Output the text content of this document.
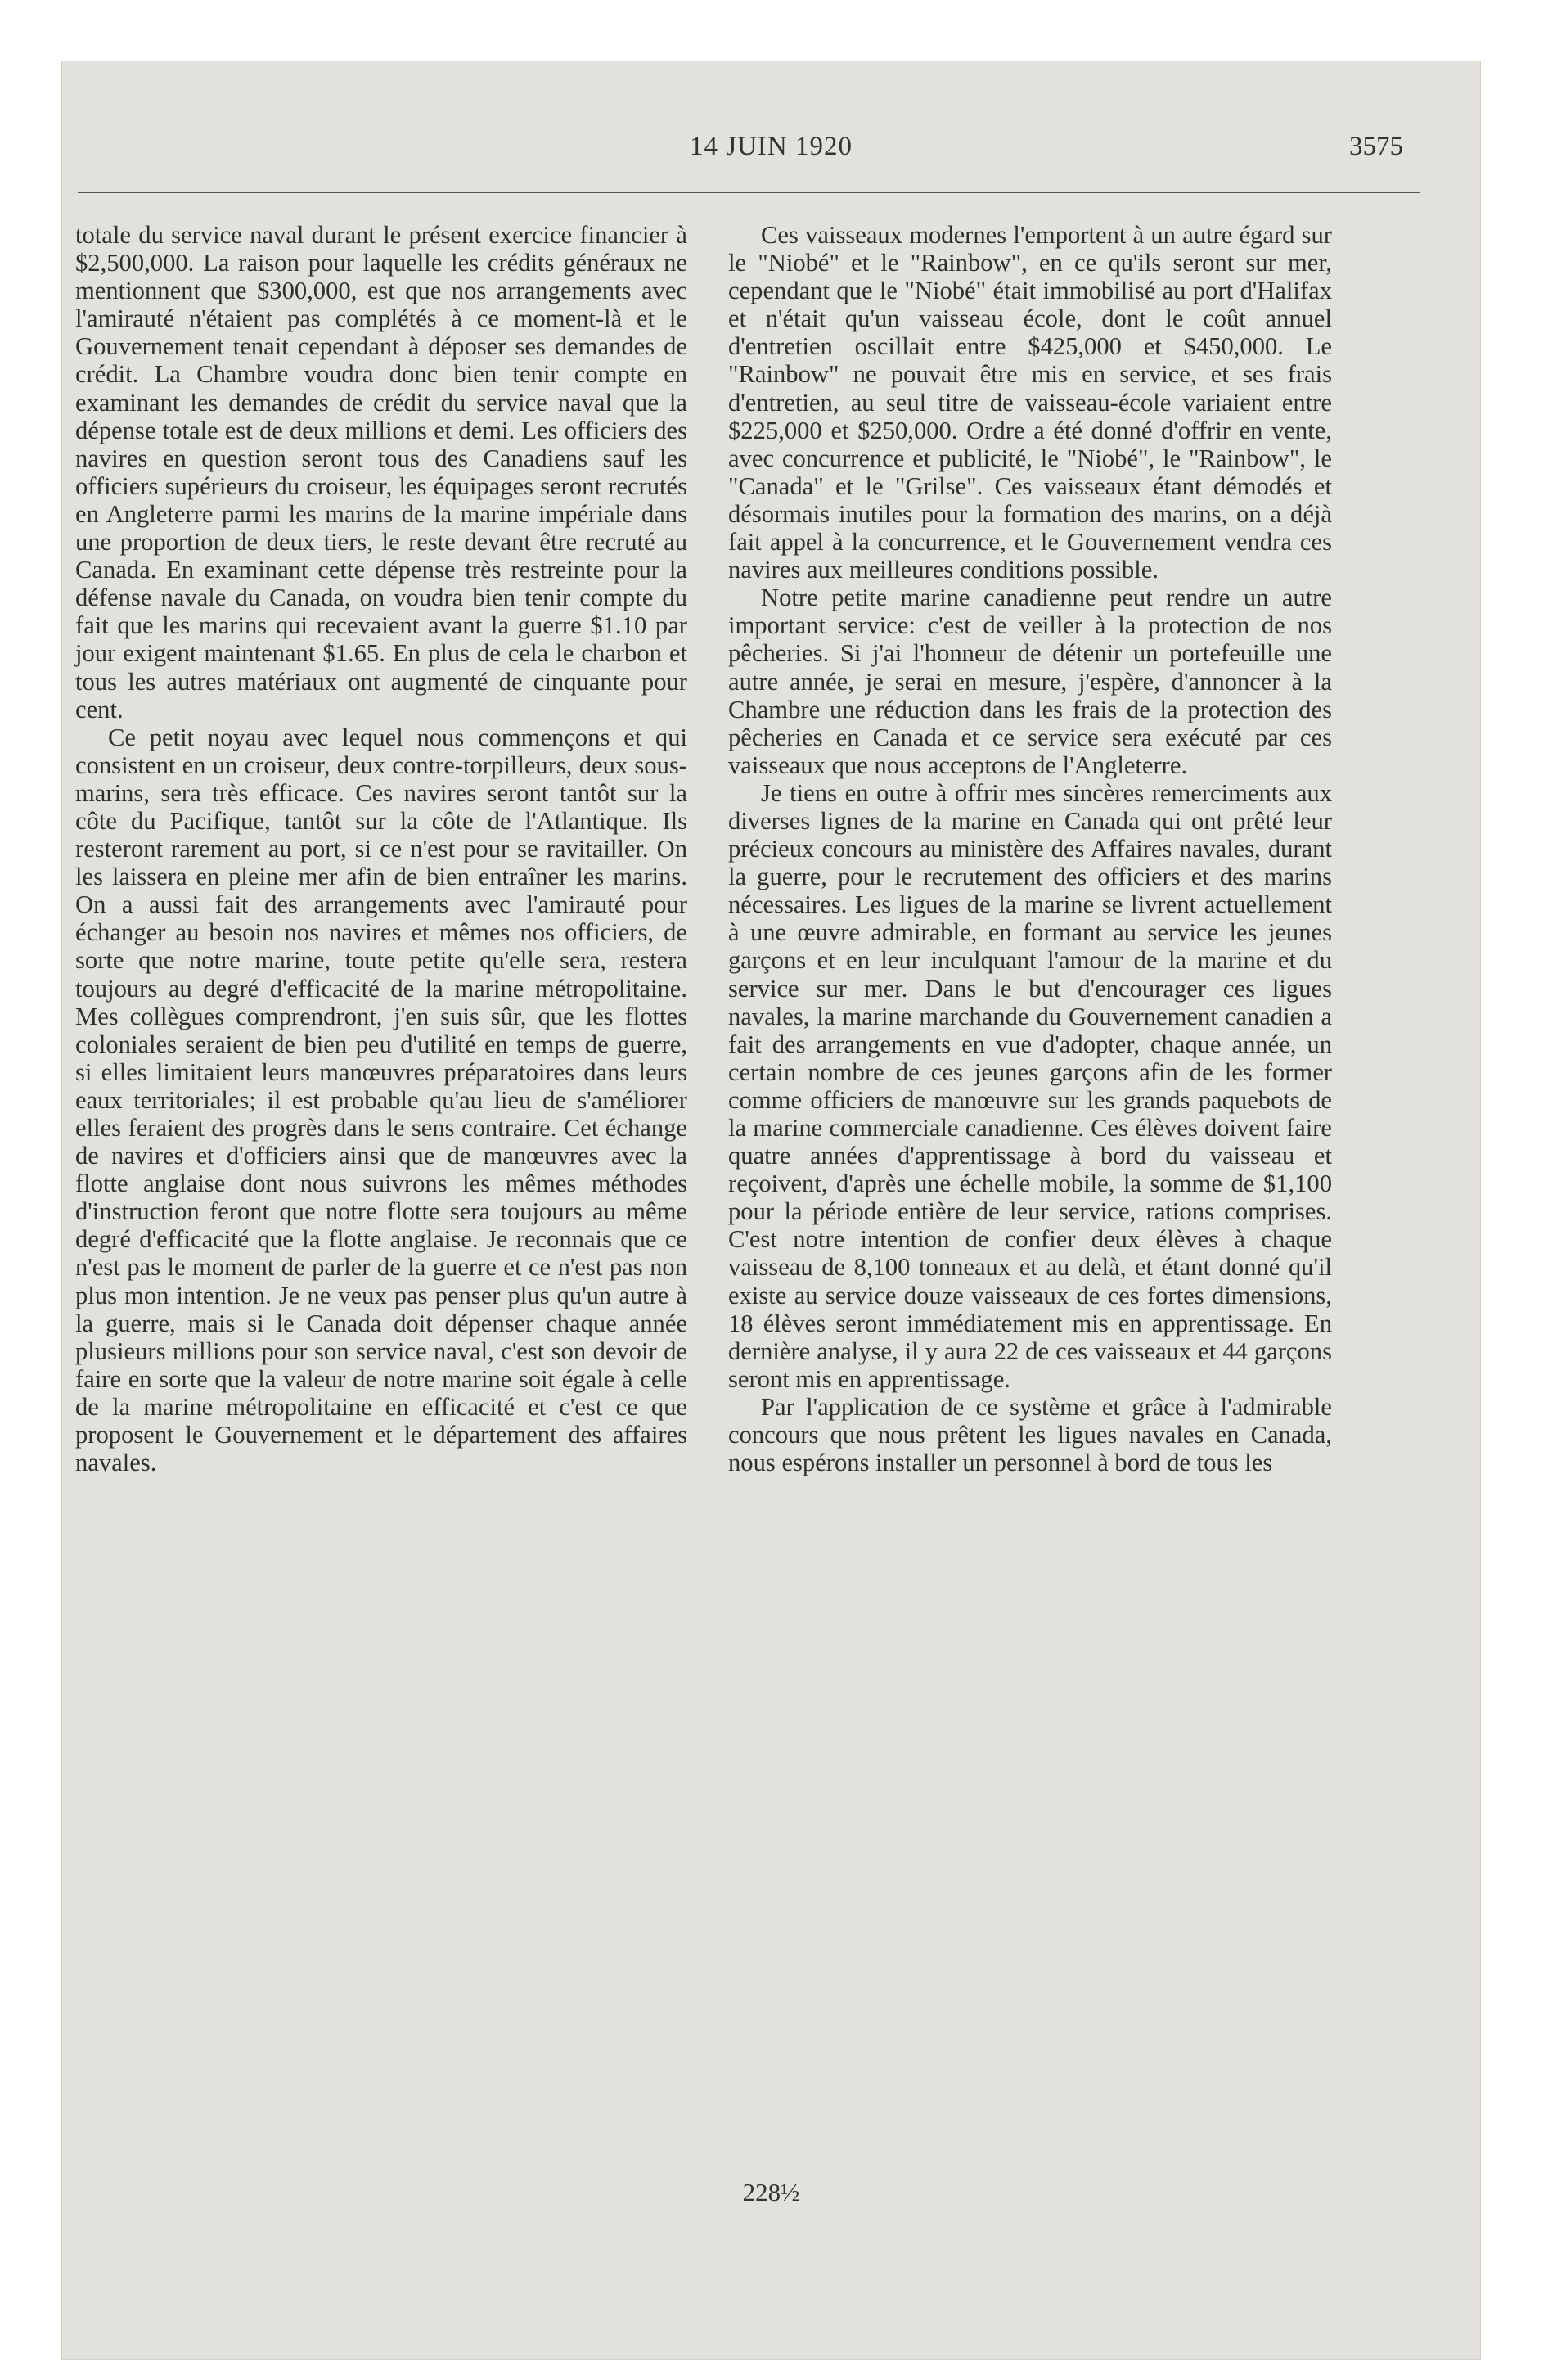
14 JUIN 1920	3575

totale du service naval durant le présent exercice financier à $2,500,000. La raison pour laquelle les crédits généraux ne mentionnent que $300,000, est que nos arrangements avec l'amirauté n'étaient pas complétés à ce moment-là et le Gouvernement tenait cependant à déposer ses demandes de crédit. La Chambre voudra donc bien tenir compte en examinant les demandes de crédit du service naval que la dépense totale est de deux millions et demi. Les officiers des navires en question seront tous des Canadiens sauf les officiers supérieurs du croiseur, les équipages seront recrutés en Angleterre parmi les marins de la marine impériale dans une proportion de deux tiers, le reste devant être recruté au Canada. En examinant cette dépense très restreinte pour la défense navale du Canada, on voudra bien tenir compte du fait que les marins qui recevaient avant la guerre $1.10 par jour exigent maintenant $1.65. En plus de cela le charbon et tous les autres matériaux ont augmenté de cinquante pour cent.

Ce petit noyau avec lequel nous commençons et qui consistent en un croiseur, deux contre-torpilleurs, deux sous-marins, sera très efficace. Ces navires seront tantôt sur la côte du Pacifique, tantôt sur la côte de l'Atlantique. Ils resteront rarement au port, si ce n'est pour se ravitailler. On les laissera en pleine mer afin de bien entraîner les marins. On a aussi fait des arrangements avec l'amirauté pour échanger au besoin nos navires et mêmes nos officiers, de sorte que notre marine, toute petite qu'elle sera, restera toujours au degré d'efficacité de la marine métropolitaine. Mes collègues comprendront, j'en suis sûr, que les flottes coloniales seraient de bien peu d'utilité en temps de guerre, si elles limitaient leurs manœuvres préparatoires dans leurs eaux territoriales; il est probable qu'au lieu de s'améliorer elles feraient des progrès dans le sens contraire. Cet échange de navires et d'officiers ainsi que de manœuvres avec la flotte anglaise dont nous suivrons les mêmes méthodes d'instruction feront que notre flotte sera toujours au même degré d'efficacité que la flotte anglaise. Je reconnais que ce n'est pas le moment de parler de la guerre et ce n'est pas non plus mon intention. Je ne veux pas penser plus qu'un autre à la guerre, mais si le Canada doit dépenser chaque année plusieurs millions pour son service naval, c'est son devoir de faire en sorte que la valeur de notre marine soit égale à celle de la marine métropolitaine en efficacité et c'est ce que proposent le Gouvernement et le département des affaires navales.

Ces vaisseaux modernes l'emportent à un autre égard sur le "Niobé" et le "Rainbow", en ce qu'ils seront sur mer, cependant que le "Niobé" était immobilisé au port d'Halifax et n'était qu'un vaisseau école, dont le coût annuel d'entretien oscillait entre $425,000 et $450,000. Le "Rainbow" ne pouvait être mis en service, et ses frais d'entretien, au seul titre de vaisseau-école variaient entre $225,000 et $250,000. Ordre a été donné d'offrir en vente, avec concurrence et publicité, le "Niobé", le "Rainbow", le "Canada" et le "Grilse". Ces vaisseaux étant démodés et désormais inutiles pour la formation des marins, on a déjà fait appel à la concurrence, et le Gouvernement vendra ces navires aux meilleures conditions possible.

Notre petite marine canadienne peut rendre un autre important service: c'est de veiller à la protection de nos pêcheries. Si j'ai l'honneur de détenir un portefeuille une autre année, je serai en mesure, j'espère, d'annoncer à la Chambre une réduction dans les frais de la protection des pêcheries en Canada et ce service sera exécuté par ces vaisseaux que nous acceptons de l'Angleterre.

Je tiens en outre à offrir mes sincères remerciments aux diverses lignes de la marine en Canada qui ont prêté leur précieux concours au ministère des Affaires navales, durant la guerre, pour le recrutement des officiers et des marins nécessaires. Les ligues de la marine se livrent actuellement à une œuvre admirable, en formant au service les jeunes garçons et en leur inculquant l'amour de la marine et du service sur mer. Dans le but d'encourager ces ligues navales, la marine marchande du Gouvernement canadien a fait des arrangements en vue d'adopter, chaque année, un certain nombre de ces jeunes garçons afin de les former comme officiers de manœuvre sur les grands paquebots de la marine commerciale canadienne. Ces élèves doivent faire quatre années d'apprentissage à bord du vaisseau et reçoivent, d'après une échelle mobile, la somme de $1,100 pour la période entière de leur service, rations comprises. C'est notre intention de confier deux élèves à chaque vaisseau de 8,100 tonneaux et au delà, et étant donné qu'il existe au service douze vaisseaux de ces fortes dimensions, 18 élèves seront immédiatement mis en apprentissage. En dernière analyse, il y aura 22 de ces vaisseaux et 44 garçons seront mis en apprentissage.

Par l'application de ce système et grâce à l'admirable concours que nous prêtent les ligues navales en Canada, nous espérons installer un personnel à bord de tous les

228½
